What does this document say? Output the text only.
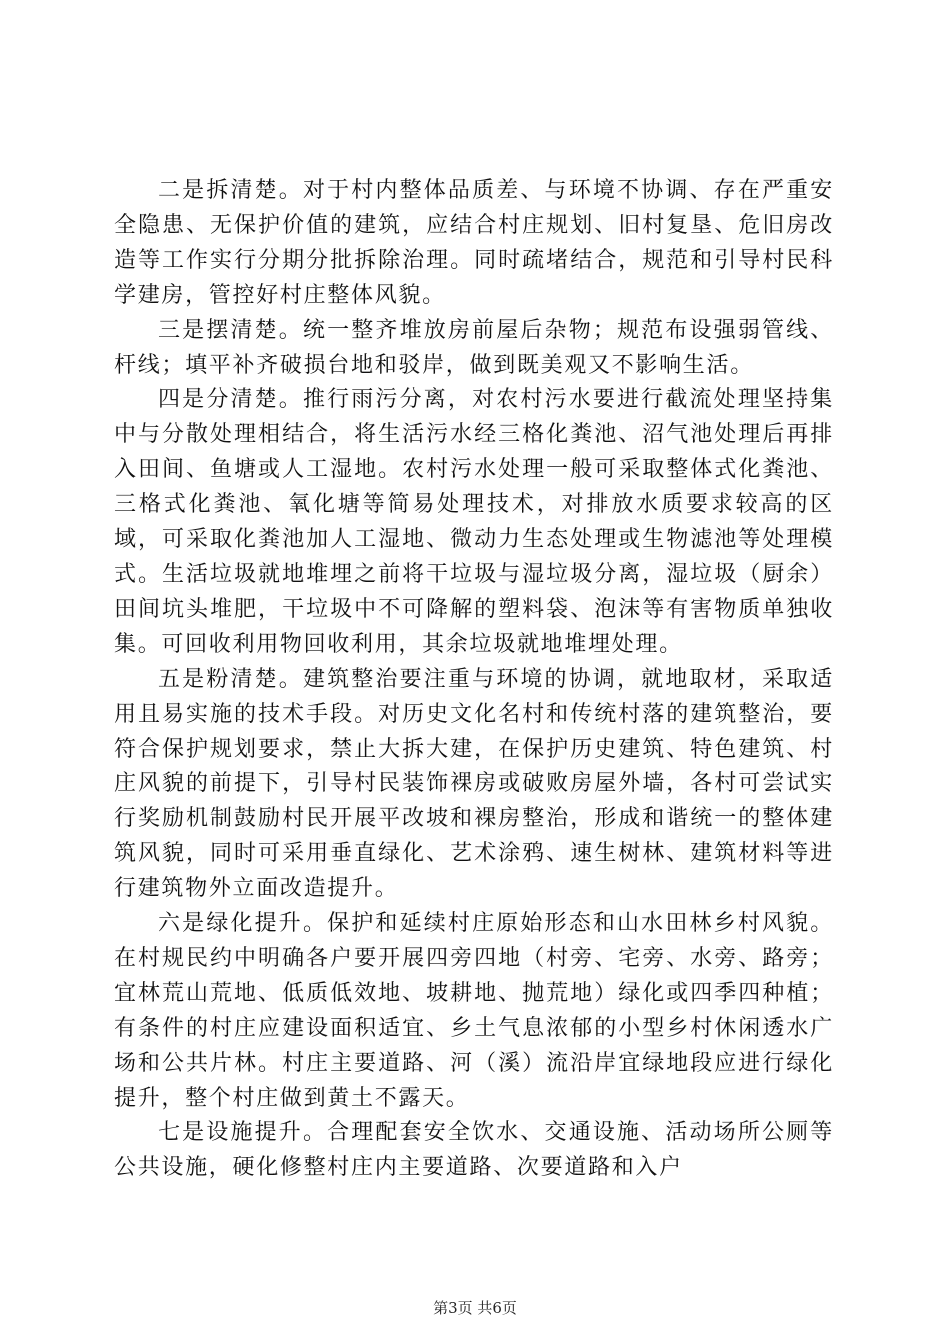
二是拆清楚。对于村内整体品质差、与环境不协调、存在严重安全隐患、无保护价值的建筑，应结合村庄规划、旧村复垦、危旧房改造等工作实行分期分批拆除治理。同时疏堵结合，规范和引导村民科学建房，管控好村庄整体风貌。

三是摆清楚。统一整齐堆放房前屋后杂物；规范布设强弱管线、杆线；填平补齐破损台地和驳岸，做到既美观又不影响生活。

四是分清楚。推行雨污分离，对农村污水要进行截流处理坚持集中与分散处理相结合，将生活污水经三格化粪池、沼气池处理后再排入田间、鱼塘或人工湿地。农村污水处理一般可采取整体式化粪池、三格式化粪池、氧化塘等简易处理技术，对排放水质要求较高的区域，可采取化粪池加人工湿地、微动力生态处理或生物滤池等处理模式。生活垃圾就地堆埋之前将干垃圾与湿垃圾分离，湿垃圾（厨余）田间坑头堆肥，干垃圾中不可降解的塑料袋、泡沫等有害物质单独收集。可回收利用物回收利用，其余垃圾就地堆埋处理。

五是粉清楚。建筑整治要注重与环境的协调，就地取材，采取适用且易实施的技术手段。对历史文化名村和传统村落的建筑整治，要符合保护规划要求，禁止大拆大建，在保护历史建筑、特色建筑、村庄风貌的前提下，引导村民装饰裸房或破败房屋外墙，各村可尝试实行奖励机制鼓励村民开展平改坡和裸房整治，形成和谐统一的整体建筑风貌，同时可采用垂直绿化、艺术涂鸦、速生树林、建筑材料等进行建筑物外立面改造提升。

六是绿化提升。保护和延续村庄原始形态和山水田林乡村风貌。在村规民约中明确各户要开展四旁四地（村旁、宅旁、水旁、路旁；宜林荒山荒地、低质低效地、坡耕地、抛荒地）绿化或四季四种植；有条件的村庄应建设面积适宜、乡土气息浓郁的小型乡村休闲透水广场和公共片林。村庄主要道路、河（溪）流沿岸宜绿地段应进行绿化提升，整个村庄做到黄土不露天。

七是设施提升。合理配套安全饮水、交通设施、活动场所公厕等公共设施，硬化修整村庄内主要道路、次要道路和入户

第3页 共6页
